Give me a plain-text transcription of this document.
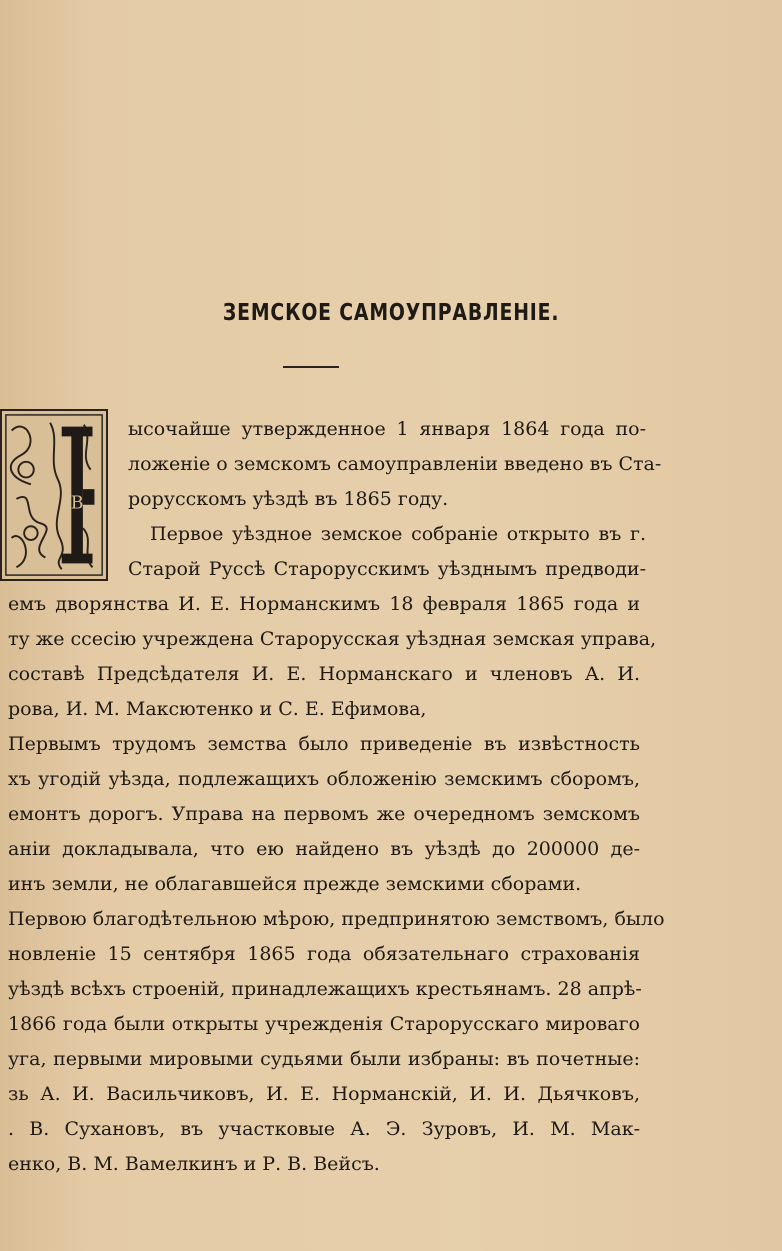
ЗЕМСКОЕ САМОУПРАВЛЕНІЕ.
В
ысочайше утвержденное 1 января 1864 года по-
ложеніе о земскомъ самоуправленіи введено въ Ста-
рорусскомъ уѣздѣ въ 1865 году.
Первое уѣздное земское собраніе открыто въ г.
Старой Руссѣ Старорусскимъ уѣзднымъ предводи-
емъ дворянства И. Е. Норманскимъ 18 февраля 1865 года и
ту же ссесію учреждена Старорусская уѣздная земская управа,
составѣ Предсѣдателя И. Е. Норманскаго и членовъ А. И.
рова, И. М. Максютенко и С. Е. Ефимова,
Первымъ трудомъ земства было приведеніе въ извѣстность
хъ угодій уѣзда, подлежащихъ обложенію земскимъ сборомъ,
емонтъ дорогъ. Управа на первомъ же очередномъ земскомъ
аніи докладывала, что ею найдено въ уѣздѣ до 200000 де-
инъ земли, не облагавшейся прежде земскими сборами.
Первою благодѣтельною мѣрою, предпринятою земствомъ, было
новленіе 15 сентября 1865 года обязательнаго страхованія
уѣздѣ всѣхъ строеній, принадлежащихъ крестьянамъ. 28 апрѣ-
1866 года были открыты учрежденія Старорусскаго мироваго
уга, первыми мировыми судьями были избраны: въ почетные:
зь А. И. Васильчиковъ, И. Е. Норманскій, И. И. Дьячковъ,
. В. Сухановъ, въ участковые А. Э. Зуровъ, И. М. Мак-
енко, В. М. Вамелкинъ и Р. В. Вейсъ.
